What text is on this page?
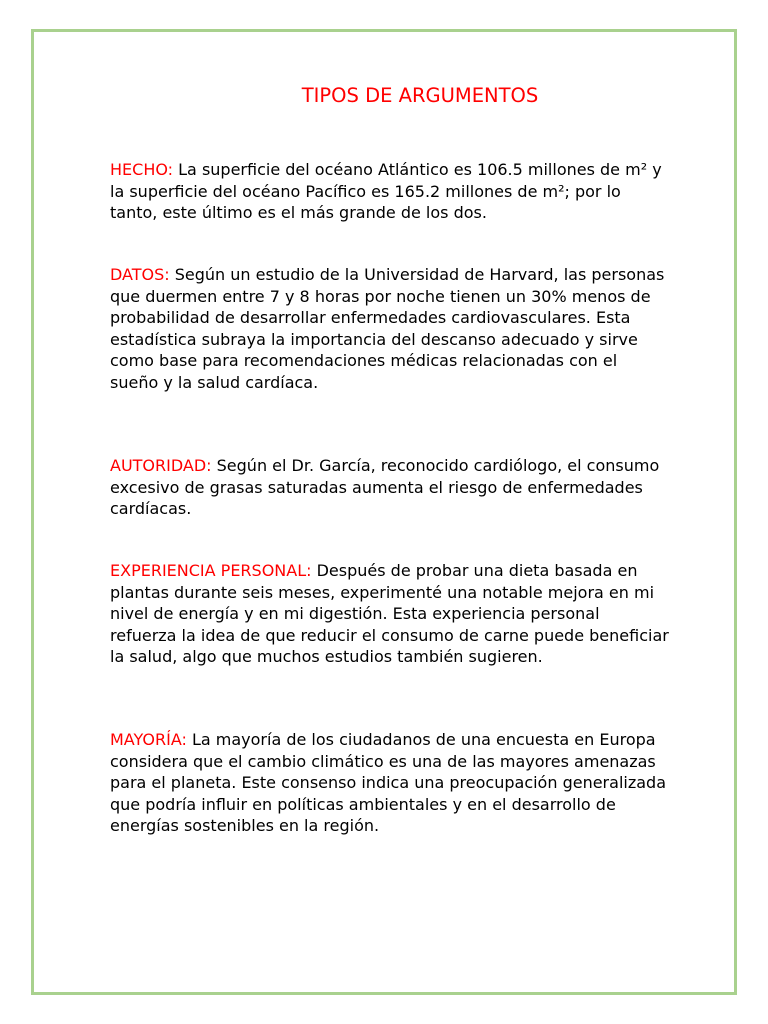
TIPOS DE ARGUMENTOS

HECHO: La superficie del océano Atlántico es 106.5 millones de m² y la superficie del océano Pacífico es 165.2 millones de m²; por lo tanto, este último es el más grande de los dos.

DATOS: Según un estudio de la Universidad de Harvard, las personas que duermen entre 7 y 8 horas por noche tienen un 30% menos de probabilidad de desarrollar enfermedades cardiovasculares. Esta estadística subraya la importancia del descanso adecuado y sirve como base para recomendaciones médicas relacionadas con el sueño y la salud cardíaca.

AUTORIDAD: Según el Dr. García, reconocido cardiólogo, el consumo excesivo de grasas saturadas aumenta el riesgo de enfermedades cardíacas.

EXPERIENCIA PERSONAL: Después de probar una dieta basada en plantas durante seis meses, experimenté una notable mejora en mi nivel de energía y en mi digestión. Esta experiencia personal refuerza la idea de que reducir el consumo de carne puede beneficiar la salud, algo que muchos estudios también sugieren.

MAYORÍA: La mayoría de los ciudadanos de una encuesta en Europa considera que el cambio climático es una de las mayores amenazas para el planeta. Este consenso indica una preocupación generalizada que podría influir en políticas ambientales y en el desarrollo de energías sostenibles en la región.
